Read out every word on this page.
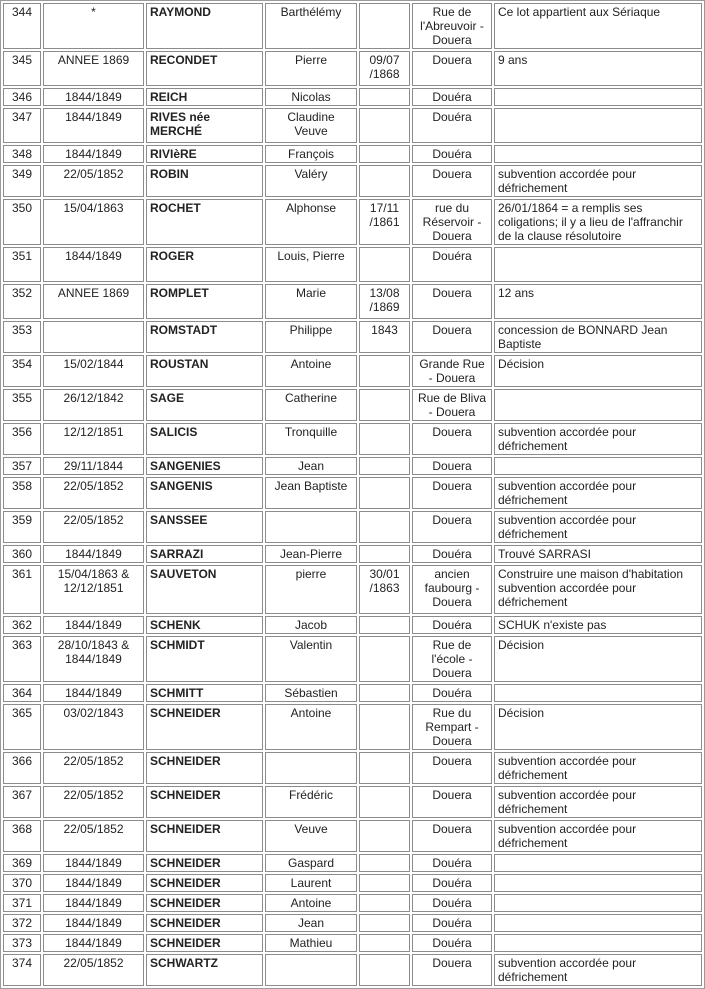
344	*	RAYMOND	Barthélémy		Rue de l'Abreuvoir - Douera	Ce lot appartient aux Sériaque
345	ANNEE 1869	RECONDET	Pierre	09/07 /1868	Douera	9 ans
346	1844/1849	REICH	Nicolas		Douéra	
347	1844/1849	RIVES née MERCHÉ	Claudine Veuve		Douéra	
348	1844/1849	RIVIèRE	François		Douéra	
349	22/05/1852	ROBIN	Valéry		Douera	subvention accordée pour défrichement
350	15/04/1863	ROCHET	Alphonse	17/11 /1861	rue du Réservoir - Douera	26/01/1864 = a remplis ses coligations; il y a lieu de l'affranchir de la clause résolutoire
351	1844/1849	ROGER	Louis, Pierre		Douéra	
352	ANNEE 1869	ROMPLET	Marie	13/08 /1869	Douera	12 ans
353		ROMSTADT	Philippe	1843	Douera	concession de BONNARD Jean Baptiste
354	15/02/1844	ROUSTAN	Antoine		Grande Rue - Douera	Décision
355	26/12/1842	SAGE	Catherine		Rue de Bliva - Douera	
356	12/12/1851	SALICIS	Tronquille		Douera	subvention accordée pour défrichement
357	29/11/1844	SANGENIES	Jean		Douera	
358	22/05/1852	SANGENIS	Jean Baptiste		Douera	subvention accordée pour défrichement
359	22/05/1852	SANSSEE			Douera	subvention accordée pour défrichement
360	1844/1849	SARRAZI	Jean-Pierre		Douéra	Trouvé SARRASI
361	15/04/1863 & 12/12/1851	SAUVETON	pierre	30/01 /1863	ancien faubourg - Douera	Construire une maison d'habitation subvention accordée pour défrichement
362	1844/1849	SCHENK	Jacob		Douéra	SCHUK n'existe pas
363	28/10/1843 & 1844/1849	SCHMIDT	Valentin		Rue de l'école - Douera	Décision
364	1844/1849	SCHMITT	Sébastien		Douéra	
365	03/02/1843	SCHNEIDER	Antoine		Rue du Rempart - Douera	Décision
366	22/05/1852	SCHNEIDER			Douera	subvention accordée pour défrichement
367	22/05/1852	SCHNEIDER	Frédéric		Douera	subvention accordée pour défrichement
368	22/05/1852	SCHNEIDER	Veuve		Douera	subvention accordée pour défrichement
369	1844/1849	SCHNEIDER	Gaspard		Douéra	
370	1844/1849	SCHNEIDER	Laurent		Douéra	
371	1844/1849	SCHNEIDER	Antoine		Douéra	
372	1844/1849	SCHNEIDER	Jean		Douéra	
373	1844/1849	SCHNEIDER	Mathieu		Douéra	
374	22/05/1852	SCHWARTZ			Douera	subvention accordée pour défrichement
